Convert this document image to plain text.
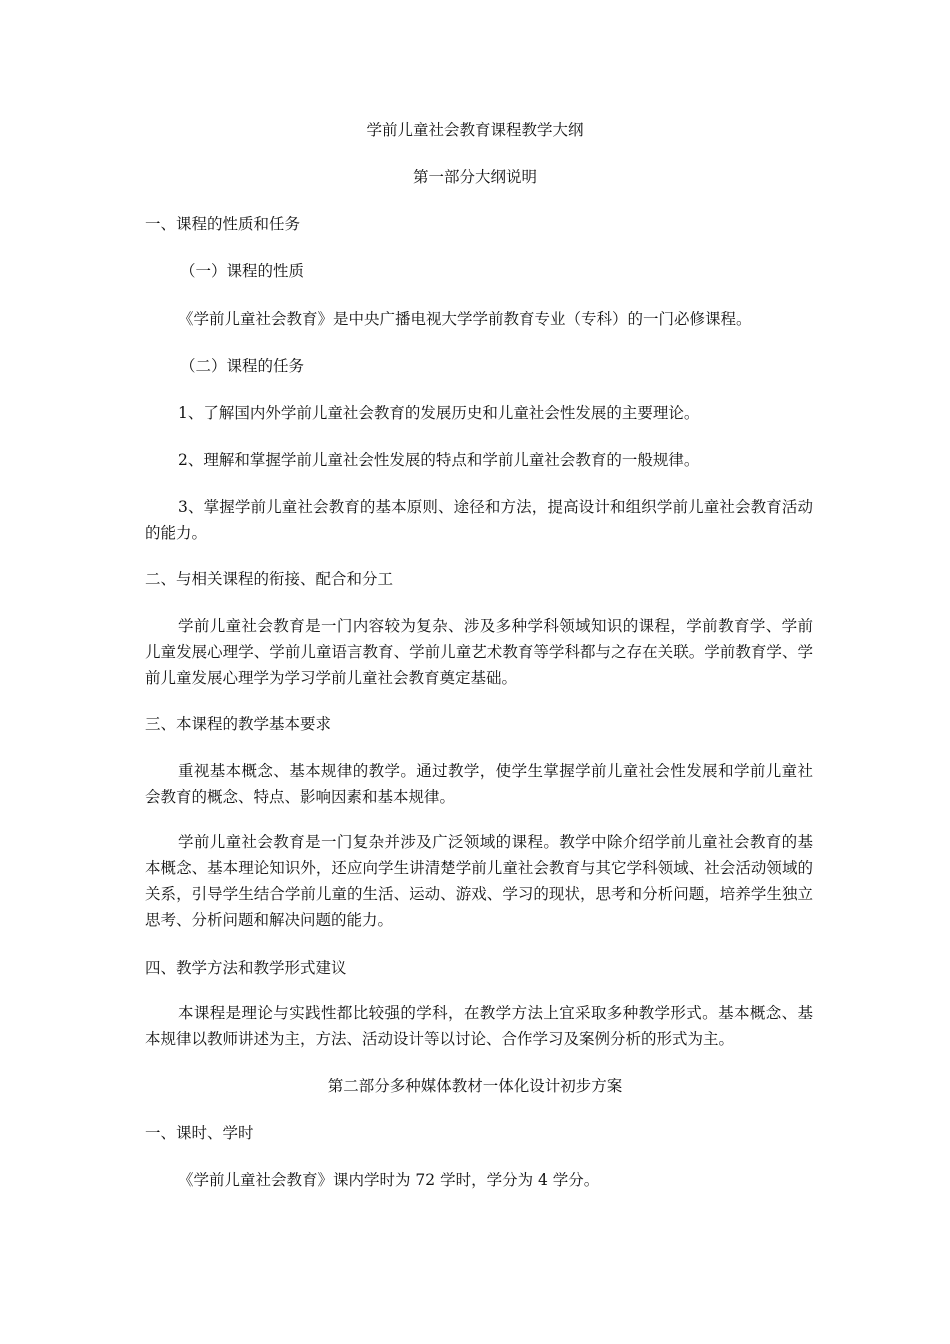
学前儿童社会教育课程教学大纲
第一部分大纲说明
一、课程的性质和任务
（一）课程的性质
《学前儿童社会教育》是中央广播电视大学学前教育专业（专科）的一门必修课程。
（二）课程的任务
1、了解国内外学前儿童社会教育的发展历史和儿童社会性发展的主要理论。
2、理解和掌握学前儿童社会性发展的特点和学前儿童社会教育的一般规律。

3、掌握学前儿童社会教育的基本原则、途径和方法，提高设计和组织学前儿童社会教育活动的能力。

二、与相关课程的衔接、配合和分工

学前儿童社会教育是一门内容较为复杂、涉及多种学科领域知识的课程，学前教育学、学前儿童发展心理学、学前儿童语言教育、学前儿童艺术教育等学科都与之存在关联。学前教育学、学前儿童发展心理学为学习学前儿童社会教育奠定基础。

三、本课程的教学基本要求

重视基本概念、基本规律的教学。通过教学，使学生掌握学前儿童社会性发展和学前儿童社会教育的概念、特点、影响因素和基本规律。

学前儿童社会教育是一门复杂并涉及广泛领域的课程。教学中除介绍学前儿童社会教育的基本概念、基本理论知识外，还应向学生讲清楚学前儿童社会教育与其它学科领域、社会活动领域的关系，引导学生结合学前儿童的生活、运动、游戏、学习的现状，思考和分析问题，培养学生独立思考、分析问题和解决问题的能力。

四、教学方法和教学形式建议

本课程是理论与实践性都比较强的学科，在教学方法上宜采取多种教学形式。基本概念、基本规律以教师讲述为主，方法、活动设计等以讨论、合作学习及案例分析的形式为主。

第二部分多种媒体教材一体化设计初步方案
一、课时、学时
《学前儿童社会教育》课内学时为 72 学时，学分为 4 学分。
